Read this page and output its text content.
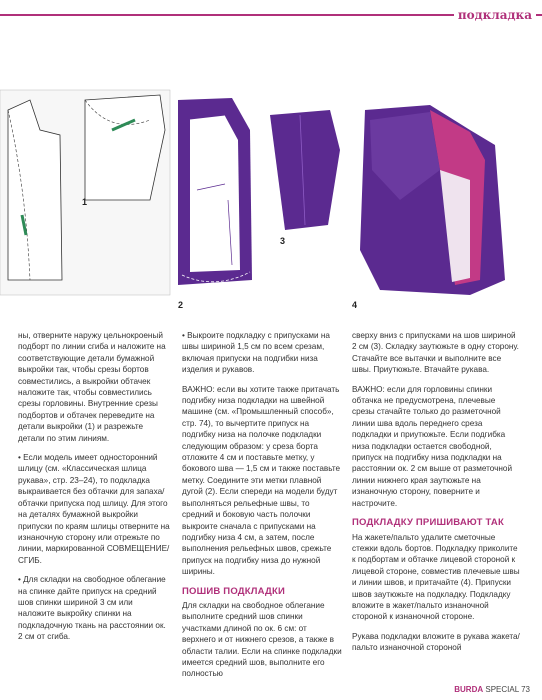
подкладка
1
2
3
4

ны, отверните наружу цельнокроеный подборт по линии сгиба и наложите на соответствующие детали бумажной выкройки так, чтобы срезы бортов совместились, а выкройки обтачек наложите так, чтобы совместились срезы горловины. Внутренние срезы подбортов и обтачек переведите на детали выкройки (1) и разрежьте детали по этим линиям.

• Если модель имеет односторонний шлицу (см. «Классическая шлица рукава», стр. 23–24), то подкладка выкраивается без обтачки для запаха/обтачки припуска под шлицу. Для этого на деталях бумажной выкройки припуски по краям шлицы отверните на изнаночную сторону или отрежьте по линии, маркированной СОВМЕЩЕНИЕ/СГИБ.

• Для складки на свободное облегание на спинке дайте припуск на средний шов спинки шириной 3 см или наложите выкройку спинки на подкладочную ткань на расстоянии ок. 2 см от сгиба.

• Выкроите подкладку с припусками на швы шириной 1,5 см по всем срезам, включая припуски на подгибки низа изделия и рукавов.

ВАЖНО: если вы хотите также притачать подгибку низа подкладки на швейной машине (см. «Промышленный способ», стр. 74), то вычертите припуск на подгибку низа на полочке подкладки следующим образом: у среза борта отложите 4 см и поставьте метку, у бокового шва — 1,5 см и также поставьте метку. Соедините эти метки плавной дугой (2). Если спереди на модели будут выполняться рельефные швы, то средний и боковую часть полочки выкроите сначала с припусками на подгибку низа 4 см, а затем, после выполнения рельефных швов, срежьте припуск на подгибку низа до нужной ширины.

ПОШИВ ПОДКЛАДКИ

Для складки на свободное облегание выполните средний шов спинки участками длиной по ок. 6 см: от верхнего и от нижнего срезов, а также в области талии. Если на спинке подкладки имеется средний шов, выполните его полностью

сверху вниз с припусками на шов шириной 2 см (3). Складку заутюжьте в одну сторону. Стачайте все вытачки и выполните все швы. Приутюжьте. Втачайте рукава.

ВАЖНО: если для горловины спинки обтачка не предусмотрена, плечевые срезы стачайте только до разметочной линии шва вдоль переднего среза подкладки и приутюжьте. Если подгибка низа подкладки остается свободной, припуск на подгибку низа подкладки на расстоянии ок. 2 см выше от разметочной линии нижнего края заутюжьте на изнаночную сторону, поверните и настрочите.

ПОДКЛАДКУ ПРИШИВАЮТ ТАК

На жакете/пальто удалите сметочные стежки вдоль бортов. Подкладку приколите к подбортам и обтачке лицевой стороной к лицевой стороне, совместив плечевые швы и линии швов, и притачайте (4). Припуски швов заутюжьте на подкладку. Подкладку вложите в жакет/пальто изнаночной стороной к изнаночной стороне.

Рукава подкладки вложите в рукава жакета/пальто изнаночной стороной

BURDA SPECIAL 73
